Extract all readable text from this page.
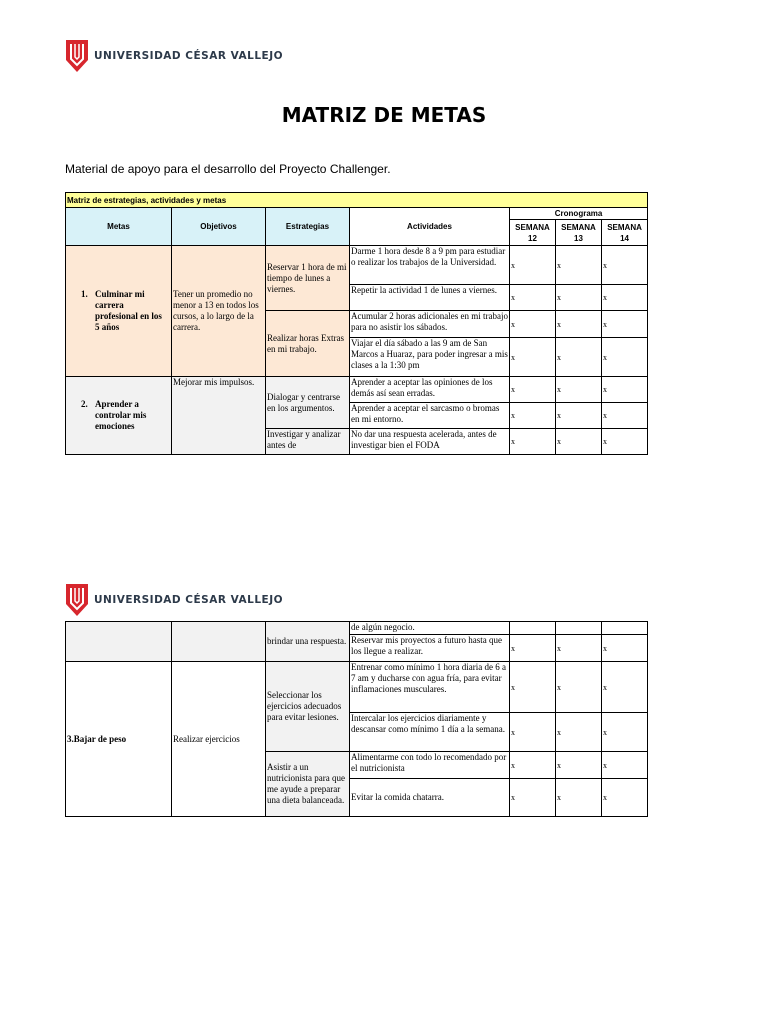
UNIVERSIDAD CÉSAR VALLEJO
MATRIZ DE METAS
Material de apoyo para el desarrollo del Proyecto Challenger.
Matriz de estrategias, actividades y metas						
Metas	Objetivos	Estrategias	Actividades	Cronograma		
				SEMANA 12	SEMANA 13	SEMANA 14

1. Culminar mi carrera profesional en los 5 años	Tener un promedio no menor a 13 en todos los cursos, a lo largo de la carrera.	Reservar 1 hora de mi tiempo de lunes a viernes.	Darme 1 hora desde 8 a 9 pm para estudiar o realizar los trabajos de la Universidad.	x	x	x
			Repetir la actividad 1 de lunes a viernes.	x	x	x
		Realizar horas Extras en mi trabajo.	Acumular 2 horas adicionales en mi trabajo para no asistir los sábados.	x	x	x
			Viajar el día sábado a las 9 am de San Marcos a Huaraz, para poder ingresar a mis clases a la 1:30 pm	x	x	x

2. Aprender a controlar mis emociones	Mejorar mis impulsos.	Dialogar y centrarse en los argumentos.	Aprender a aceptar las opiniones de los demás así sean erradas.	x	x	x
			Aprender a aceptar el sarcasmo o bromas en mi entorno.	x	x	x
		Investigar y analizar antes de	No dar una respuesta acelerada, antes de investigar bien el FODA	x	x	x
UNIVERSIDAD CÉSAR VALLEJO
		brindar una respuesta.	de algún negocio.			
			Reservar mis proyectos a futuro hasta que los llegue a realizar.	x	x	x
3.Bajar de peso	Realizar ejercicios	Seleccionar los ejercicios adecuados para evitar lesiones.	Entrenar como mínimo 1 hora diaria de 6 a 7 am y ducharse con agua fría, para evitar inflamaciones musculares.	x	x	x
			Intercalar los ejercicios diariamente y descansar como mínimo 1 día a la semana.	x	x	x
		Asistir a un nutricionista para que me ayude a preparar una dieta balanceada.	Alimentarme con todo lo recomendado por el nutricionista	x	x	x
			Evitar la comida chatarra.	x	x	x
